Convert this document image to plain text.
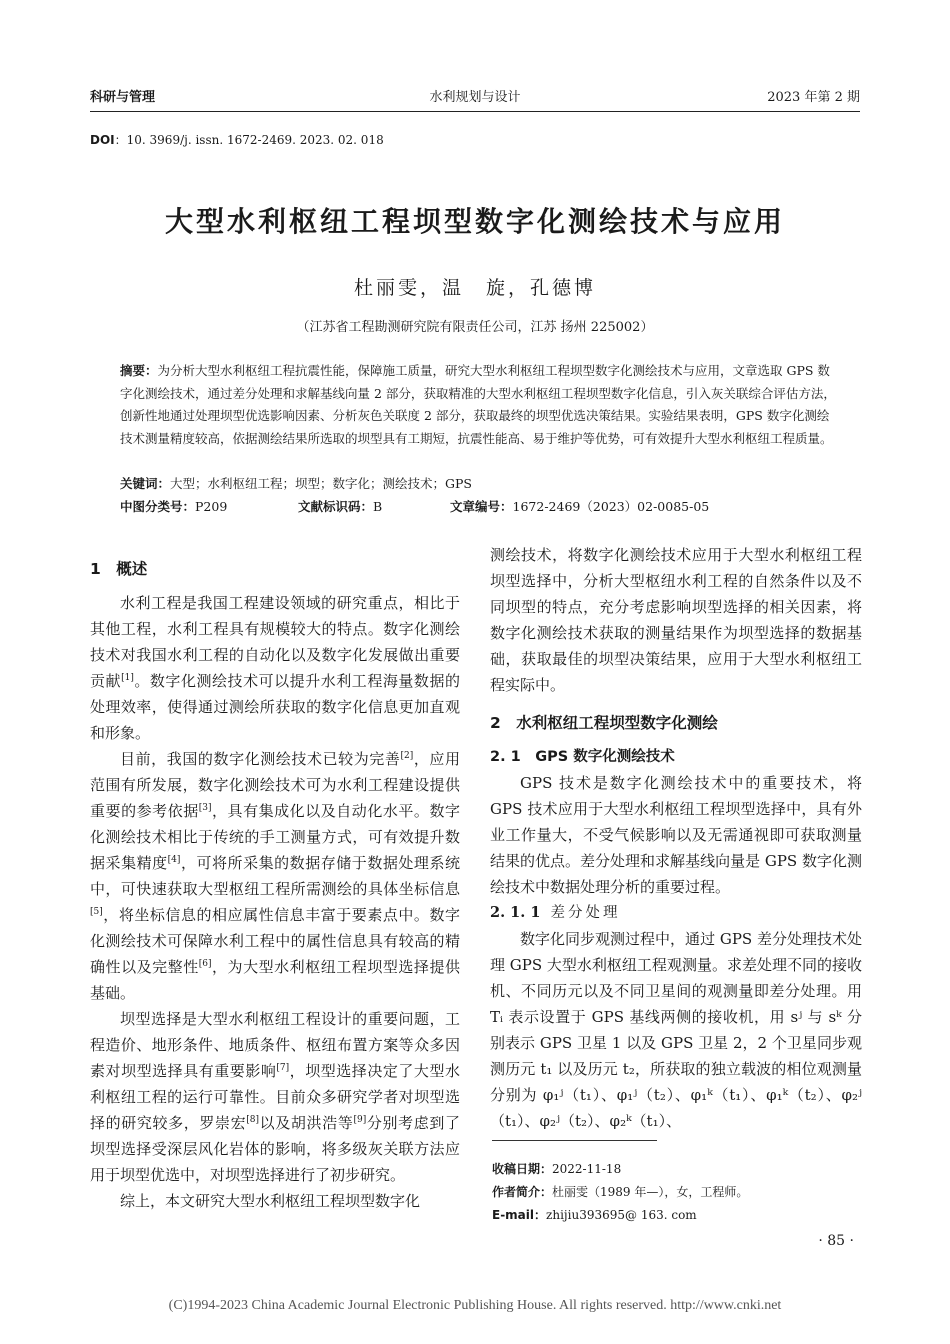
科研与管理	水利规划与设计	2023 年第 2 期
DOI：10. 3969/j. issn. 1672-2469. 2023. 02. 018
大型水利枢纽工程坝型数字化测绘技术与应用
杜丽雯，温　旋，孔德博
（江苏省工程勘测研究院有限责任公司，江苏 扬州 225002）
摘要：为分析大型水利枢纽工程抗震性能，保障施工质量，研究大型水利枢纽工程坝型数字化测绘技术与应用，文章选取 GPS 数字化测绘技术，通过差分处理和求解基线向量 2 部分，获取精准的大型水利枢纽工程坝型数字化信息，引入灰关联综合评估方法，创新性地通过处理坝型优选影响因素、分析灰色关联度 2 部分，获取最终的坝型优选决策结果。实验结果表明，GPS 数字化测绘技术测量精度较高，依据测绘结果所选取的坝型具有工期短，抗震性能高、易于维护等优势，可有效提升大型水利枢纽工程质量。
关键词：大型；水利枢纽工程；坝型；数字化；测绘技术；GPS
中图分类号：P209	文献标识码：B	文章编号：1672-2469（2023）02-0085-05
1　概述

水利工程是我国工程建设领域的研究重点，相比于其他工程，水利工程具有规模较大的特点。数字化测绘技术对我国水利工程的自动化以及数字化发展做出重要贡献[1]。数字化测绘技术可以提升水利工程海量数据的处理效率，使得通过测绘所获取的数字化信息更加直观和形象。

目前，我国的数字化测绘技术已较为完善[2]，应用范围有所发展，数字化测绘技术可为水利工程建设提供重要的参考依据[3]，具有集成化以及自动化水平。数字化测绘技术相比于传统的手工测量方式，可有效提升数据采集精度[4]，可将所采集的数据存储于数据处理系统中，可快速获取大型枢纽工程所需测绘的具体坐标信息[5]，将坐标信息的相应属性信息丰富于要素点中。数字化测绘技术可保障水利工程中的属性信息具有较高的精确性以及完整性[6]，为大型水利枢纽工程坝型选择提供基础。

坝型选择是大型水利枢纽工程设计的重要问题，工程造价、地形条件、地质条件、枢纽布置方案等众多因素对坝型选择具有重要影响[7]，坝型选择决定了大型水利枢纽工程的运行可靠性。目前众多研究学者对坝型选择的研究较多，罗崇宏[8]以及胡洪浩等[9]分别考虑到了坝型选择受深层风化岩体的影响，将多级灰关联方法应用于坝型优选中，对坝型选择进行了初步研究。

综上，本文研究大型水利枢纽工程坝型数字化

测绘技术，将数字化测绘技术应用于大型水利枢纽工程坝型选择中，分析大型枢纽水利工程的自然条件以及不同坝型的特点，充分考虑影响坝型选择的相关因素，将数字化测绘技术获取的测量结果作为坝型选择的数据基础，获取最佳的坝型决策结果，应用于大型水利枢纽工程实际中。

2　水利枢纽工程坝型数字化测绘
2. 1　GPS 数字化测绘技术

GPS 技术是数字化测绘技术中的重要技术，将 GPS 技术应用于大型水利枢纽工程坝型选择中，具有外业工作量大，不受气候影响以及无需通视即可获取测量结果的优点。差分处理和求解基线向量是 GPS 数字化测绘技术中数据处理分析的重要过程。

2. 1. 1 差分处理

数字化同步观测过程中，通过 GPS 差分处理技术处理 GPS 大型水利枢纽工程观测量。求差处理不同的接收机、不同历元以及不同卫星间的观测量即差分处理。用 Tᵢ 表示设置于 GPS 基线两侧的接收机，用 sʲ 与 sᵏ 分别表示 GPS 卫星 1 以及 GPS 卫星 2，2 个卫星同步观测历元 t₁ 以及历元 t₂，所获取的独立载波的相位观测量分别为 φ₁ʲ（t₁）、φ₁ʲ（t₂）、φ₁ᵏ（t₁）、φ₁ᵏ（t₂）、φ₂ʲ（t₁）、φ₂ʲ（t₂）、φ₂ᵏ（t₁）、

收稿日期：2022-11-18
作者简介：杜丽雯（1989 年—），女，工程师。
E-mail：zhijiu393695@ 163. com
· 85 ·
(C)1994-2023 China Academic Journal Electronic Publishing House. All rights reserved. http://www.cnki.net
